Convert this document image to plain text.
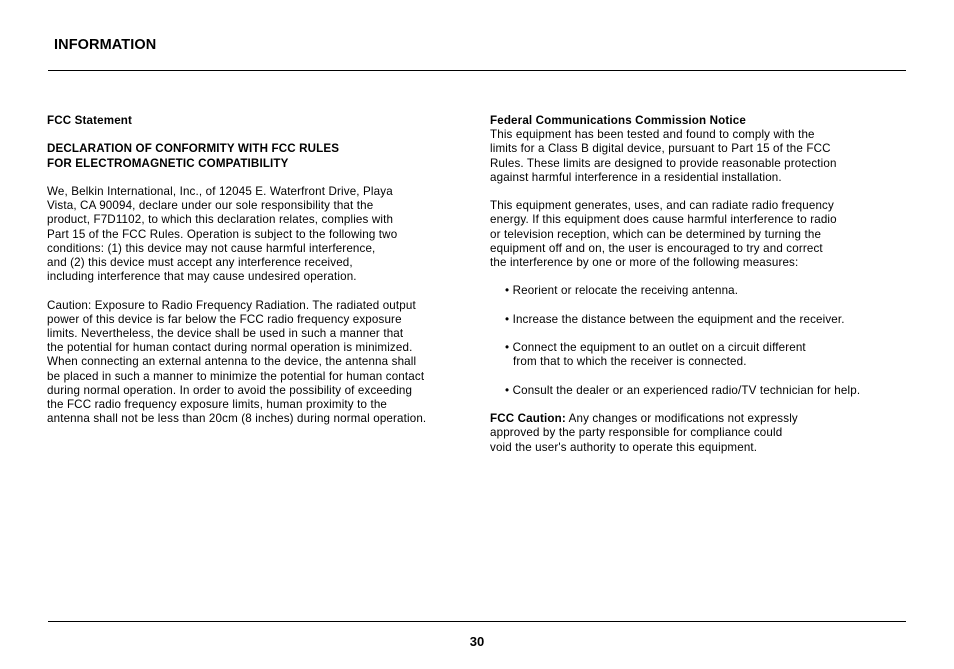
INFORMATION
FCC Statement
DECLARATION OF CONFORMITY WITH FCC RULES
FOR ELECTROMAGNETIC COMPATIBILITY
We, Belkin International, Inc., of 12045 E. Waterfront Drive, Playa
Vista, CA 90094, declare under our sole responsibility that the
product, F7D1102, to which this declaration relates, complies with
Part 15 of the FCC Rules. Operation is subject to the following two
conditions: (1) this device may not cause harmful interference,
and (2) this device must accept any interference received,
including interference that may cause undesired operation.
Caution: Exposure to Radio Frequency Radiation. The radiated output
power of this device is far below the FCC radio frequency exposure
limits. Nevertheless, the device shall be used in such a manner that
the potential for human contact during normal operation is minimized.
When connecting an external antenna to the device, the antenna shall
be placed in such a manner to minimize the potential for human contact
during normal operation. In order to avoid the possibility of exceeding
the FCC radio frequency exposure limits, human proximity to the
antenna shall not be less than 20cm (8 inches) during normal operation.
Federal Communications Commission Notice
This equipment has been tested and found to comply with the
limits for a Class B digital device, pursuant to Part 15 of the FCC
Rules. These limits are designed to provide reasonable protection
against harmful interference in a residential installation.
This equipment generates, uses, and can radiate radio frequency
energy. If this equipment does cause harmful interference to radio
or television reception, which can be determined by turning the
equipment off and on, the user is encouraged to try and correct
the interference by one or more of the following measures:
• Reorient or relocate the receiving antenna.
• Increase the distance between the equipment and the receiver.
• Connect the equipment to an outlet on a circuit different
from that to which the receiver is connected.
• Consult the dealer or an experienced radio/TV technician for help.
FCC Caution: Any changes or modifications not expressly
approved by the party responsible for compliance could
void the user's authority to operate this equipment.
30
